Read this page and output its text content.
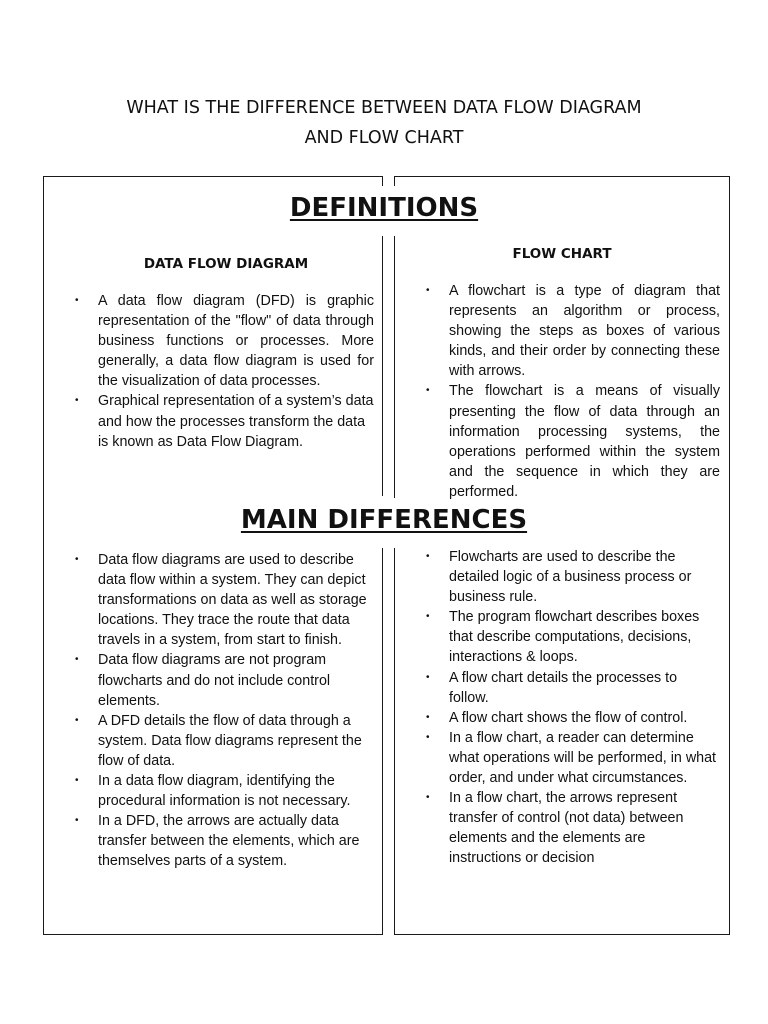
WHAT IS THE DIFFERENCE BETWEEN DATA FLOW DIAGRAM
AND FLOW CHART
DEFINITIONS
DATA FLOW DIAGRAM
FLOW CHART
• A data flow diagram (DFD) is graphic representation of the "flow" of data through business functions or processes. More generally, a data flow diagram is used for the visualization of data processes.
• Graphical representation of a system’s data and how the processes transform the data is known as Data Flow Diagram.
• A flowchart is a type of diagram that represents an algorithm or process, showing the steps as boxes of various kinds, and their order by connecting these with arrows.
• The flowchart is a means of visually presenting the flow of data through an information processing systems, the operations performed within the system and the sequence in which they are performed.
MAIN DIFFERENCES
• Data flow diagrams are used to describe data flow within a system. They can depict transformations on data as well as storage locations. They trace the route that data travels in a system, from start to finish.
• Data flow diagrams are not program flowcharts and do not include control elements.
• A DFD details the flow of data through a system. Data flow diagrams represent the flow of data.
• In a data flow diagram, identifying the procedural information is not necessary.
• In a DFD, the arrows are actually data transfer between the elements, which are themselves parts of a system.
• Flowcharts are used to describe the detailed logic of a business process or business rule.
• The program flowchart describes boxes that describe computations, decisions, interactions & loops.
• A flow chart details the processes to follow.
• A flow chart shows the flow of control.
• In a flow chart, a reader can determine what operations will be performed, in what order, and under what circumstances.
• In a flow chart, the arrows represent transfer of control (not data) between elements and the elements are instructions or decision
